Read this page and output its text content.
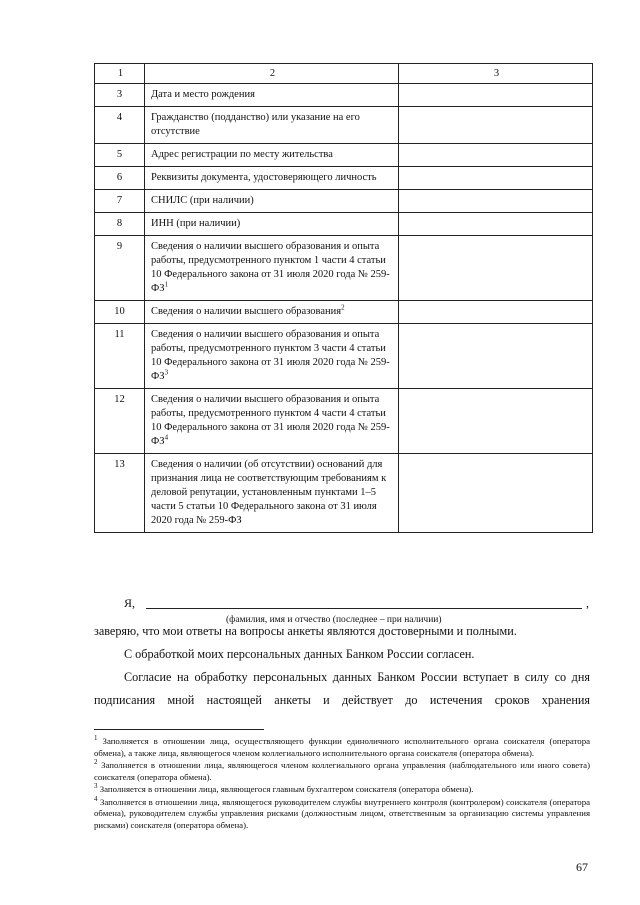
1	2	3
3	Дата и место рождения	
4	Гражданство (подданство) или указание на его отсутствие	
5	Адрес регистрации по месту жительства	
6	Реквизиты документа, удостоверяющего личность	
7	СНИЛС (при наличии)	
8	ИНН (при наличии)	
9	Сведения о наличии высшего образования и опыта работы, предусмотренного пунктом 1 части 4 статьи 10 Федерального закона от 31 июля 2020 года № $259-ФЗ^1$	
10	Сведения о наличии высшего образования$^2$	
11	Сведения о наличии высшего образования и опыта работы, предусмотренного пунктом 3 части 4 статьи 10 Федерального закона от 31 июля 2020 года № $259-ФЗ^3$	
12	Сведения о наличии высшего образования и опыта работы, предусмотренного пунктом 4 части 4 статьи 10 Федерального закона от 31 июля 2020 года № $259-ФЗ^4$	
13	Сведения о наличии (об отсутствии) оснований для признания лица не соответствующим требованиям к деловой репутации, установленным пунктами 1–5 части 5 статьи 10 Федерального закона от 31 июля 2020 года № 259-ФЗ	
Я,	,
(фамилия, имя и отчество (последнее – при наличии)
заверяю, что мои ответы на вопросы анкеты являются достоверными и полными.
С обработкой моих персональных данных Банком России согласен.
Согласие на обработку персональных данных Банком России вступает в силу со дня
подписания мной настоящей анкеты и действует до истечения сроков хранения
$^1$ Заполняется в отношении лица, осуществляющего функции единоличного исполнительного органа соискателя (оператора обмена), а также лица, являющегося членом коллегиального исполнительного органа соискателя (оператора обмена).
$^2$ Заполняется в отношении лица, являющегося членом коллегиального органа управления (наблюдательного или иного совета) соискателя (оператора обмена).
$^3$ Заполняется в отношении лица, являющегося главным бухгалтером соискателя (оператора обмена).
$^4$ Заполняется в отношении лица, являющегося руководителем службы внутреннего контроля (контролером) соискателя (оператора обмена), руководителем службы управления рисками (должностным лицом, ответственным за организацию системы управления рисками) соискателя (оператора обмена).
67
